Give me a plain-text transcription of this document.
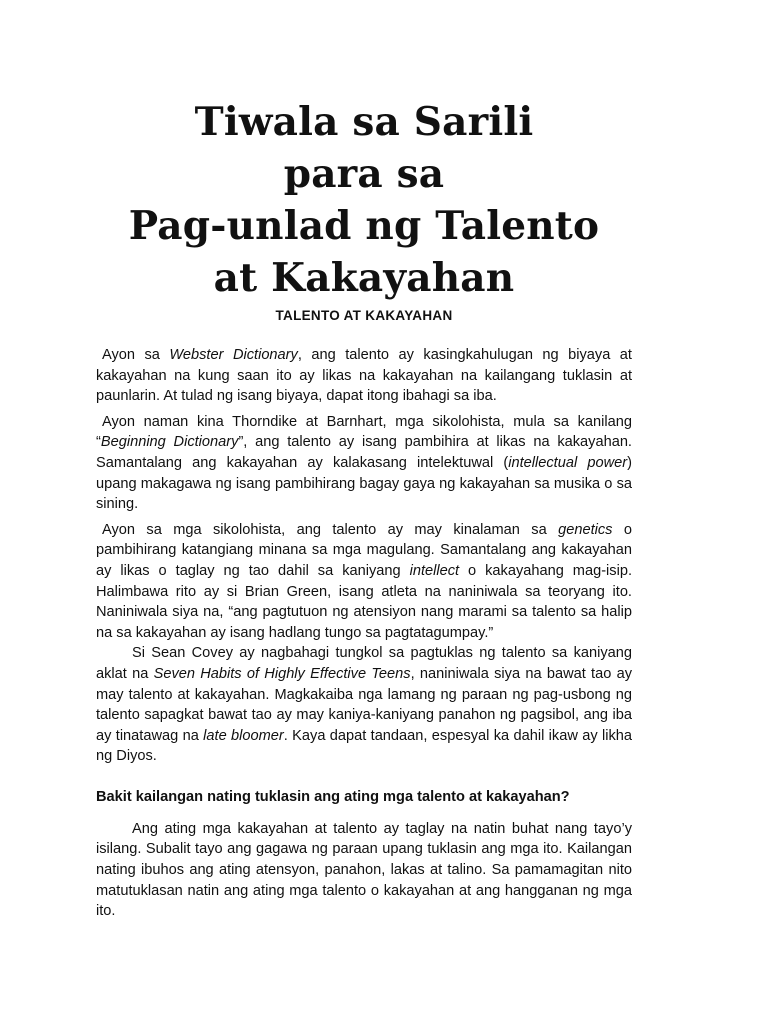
Tiwala sa Sarili
para sa
Pag-unlad ng Talento
at Kakayahan
TALENTO AT KAKAYAHAN

Ayon sa Webster Dictionary, ang talento ay kasingkahulugan ng biyaya at kakayahan na kung saan ito ay likas na kakayahan na kailangang tuklasin at paunlarin. At tulad ng isang biyaya, dapat itong ibahagi sa iba.

Ayon naman kina Thorndike at Barnhart, mga sikolohista, mula sa kanilang “Beginning Dictionary”, ang talento ay isang pambihira at likas na kakayahan. Samantalang ang kakayahan ay kalakasang intelektuwal (intellectual power) upang makagawa ng isang pambihirang bagay gaya ng kakayahan sa musika o sa sining.

Ayon sa mga sikolohista, ang talento ay may kinalaman sa genetics o pambihirang katangiang minana sa mga magulang. Samantalang ang kakayahan ay likas o taglay ng tao dahil sa kaniyang intellect o kakayahang mag-isip. Halimbawa rito ay si Brian Green, isang atleta na naniniwala sa teoryang ito. Naniniwala siya na, “ang pagtutuon ng atensiyon nang marami sa talento sa halip na sa kakayahan ay isang hadlang tungo sa pagtatagumpay.”

Si Sean Covey ay nagbahagi tungkol sa pagtuklas ng talento sa kaniyang aklat na Seven Habits of Highly Effective Teens, naniniwala siya na bawat tao ay may talento at kakayahan. Magkakaiba nga lamang ng paraan ng pag-usbong ng talento sapagkat bawat tao ay may kaniya-kaniyang panahon ng pagsibol, ang iba ay tinatawag na late bloomer. Kaya dapat tandaan, espesyal ka dahil ikaw ay likha ng Diyos.

Bakit kailangan nating tuklasin ang ating mga talento at kakayahan?

Ang ating mga kakayahan at talento ay taglay na natin buhat nang tayo’y isilang. Subalit tayo ang gagawa ng paraan upang tuklasin ang mga ito. Kailangan nating ibuhos ang ating atensyon, panahon, lakas at talino. Sa pamamagitan nito matutuklasan natin ang ating mga talento o kakayahan at ang hangganan ng mga ito.
